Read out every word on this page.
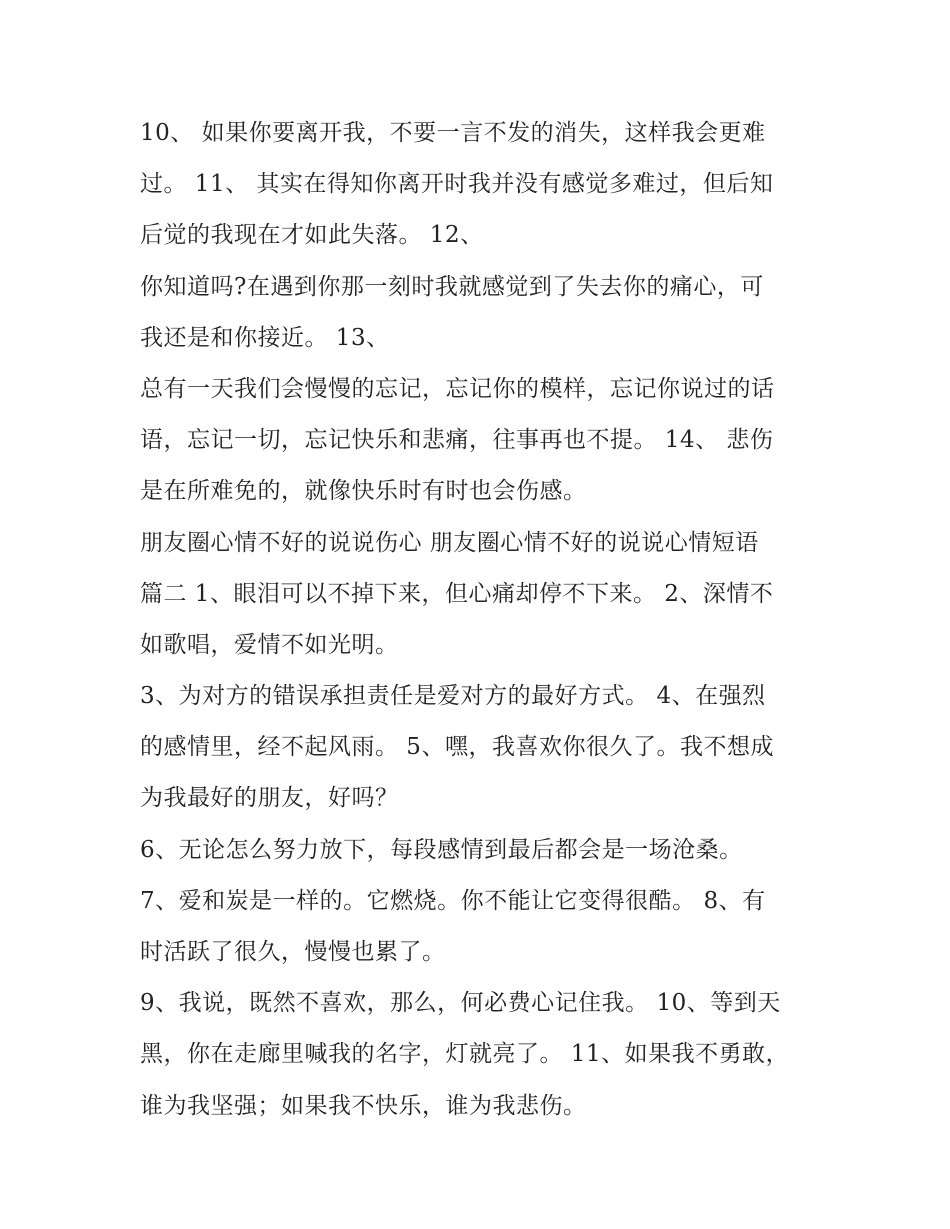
10、 如果你要离开我，不要一言不发的消失，这样我会更难
过。 11、 其实在得知你离开时我并没有感觉多难过，但后知
后觉的我现在才如此失落。 12、
你知道吗?在遇到你那一刻时我就感觉到了失去你的痛心，可
我还是和你接近。 13、
总有一天我们会慢慢的忘记，忘记你的模样，忘记你说过的话
语，忘记一切，忘记快乐和悲痛，往事再也不提。 14、 悲伤
是在所难免的，就像快乐时有时也会伤感。
朋友圈心情不好的说说伤心 朋友圈心情不好的说说心情短语
篇二 1、眼泪可以不掉下来，但心痛却停不下来。 2、深情不
如歌唱，爱情不如光明。
3、为对方的错误承担责任是爱对方的最好方式。 4、在强烈
的感情里，经不起风雨。 5、嘿，我喜欢你很久了。我不想成
为我最好的朋友，好吗？
6、无论怎么努力放下，每段感情到最后都会是一场沧桑。
7、爱和炭是一样的。它燃烧。你不能让它变得很酷。 8、有
时活跃了很久，慢慢也累了。
9、我说，既然不喜欢，那么，何必费心记住我。 10、等到天
黑，你在走廊里喊我的名字，灯就亮了。 11、如果我不勇敢，
谁为我坚强；如果我不快乐，谁为我悲伤。
